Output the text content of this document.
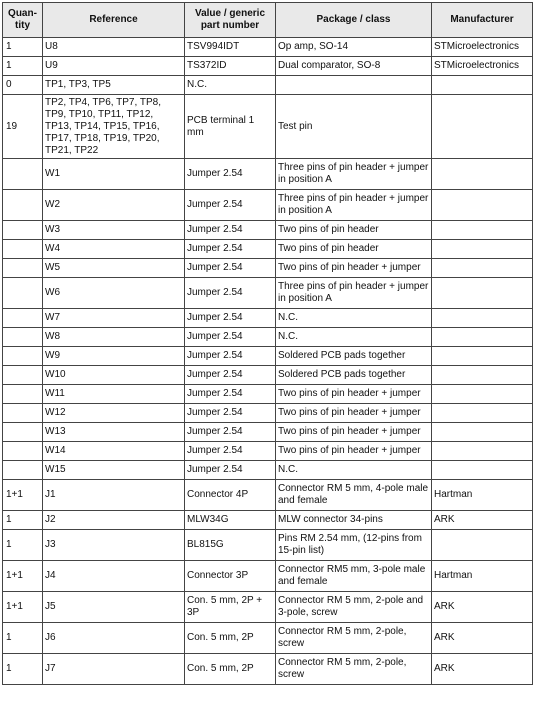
Quan-
tity	Reference	Value / generic part number	Package / class	Manufacturer
1	U8	TSV994IDT	Op amp, SO-14	STMicroelectronics
1	U9	TS372ID	Dual comparator, SO-8	STMicroelectronics
0	TP1, TP3, TP5	N.C.		
19	TP2, TP4, TP6, TP7, TP8, TP9, TP10, TP11, TP12, TP13, TP14, TP15, TP16, TP17, TP18, TP19, TP20, TP21, TP22	PCB terminal 1 mm	Test pin	
	W1	Jumper 2.54	Three pins of pin header + jumper in position A	
	W2	Jumper 2.54	Three pins of pin header + jumper in position A	
	W3	Jumper 2.54	Two pins of pin header	
	W4	Jumper 2.54	Two pins of pin header	
	W5	Jumper 2.54	Two pins of pin header + jumper	
	W6	Jumper 2.54	Three pins of pin header + jumper in position A	
	W7	Jumper 2.54	N.C.	
	W8	Jumper 2.54	N.C.	
	W9	Jumper 2.54	Soldered PCB pads together	
	W10	Jumper 2.54	Soldered PCB pads together	
	W11	Jumper 2.54	Two pins of pin header + jumper	
	W12	Jumper 2.54	Two pins of pin header + jumper	
	W13	Jumper 2.54	Two pins of pin header + jumper	
	W14	Jumper 2.54	Two pins of pin header + jumper	
	W15	Jumper 2.54	N.C.	
1+1	J1	Connector 4P	Connector RM 5 mm, 4-pole male and female	Hartman
1	J2	MLW34G	MLW connector 34-pins	ARK
1	J3	BL815G	Pins RM 2.54 mm, (12-pins from 15-pin list)	
1+1	J4	Connector 3P	Connector RM5 mm, 3-pole male and female	Hartman
1+1	J5	Con. 5 mm, 2P + 3P	Connector RM 5 mm, 2-pole and 3-pole, screw	ARK
1	J6	Con. 5 mm, 2P	Connector RM 5 mm, 2-pole, screw	ARK
1	J7	Con. 5 mm, 2P	Connector RM 5 mm, 2-pole, screw	ARK
